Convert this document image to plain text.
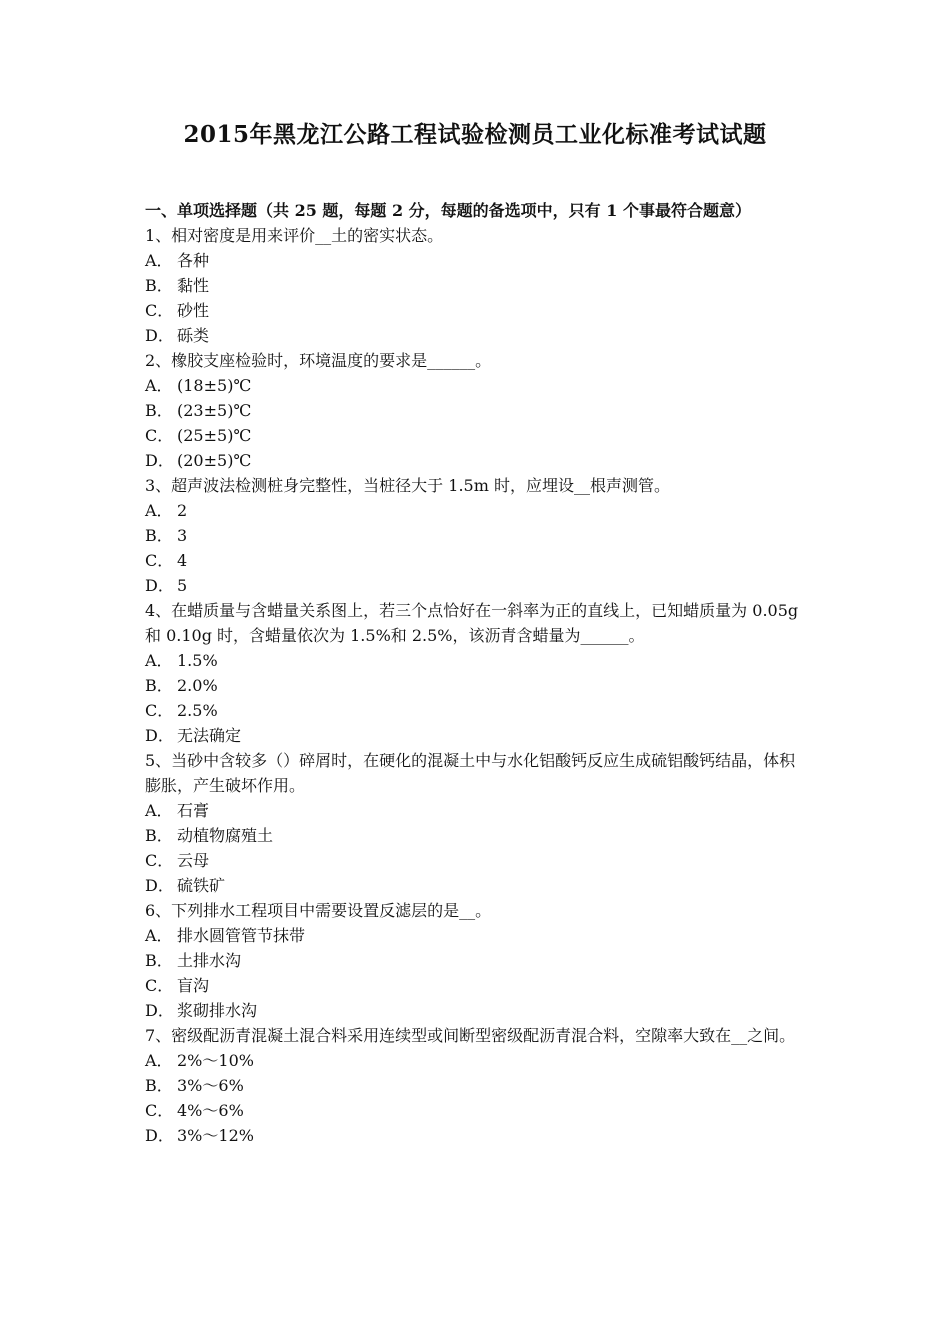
2015年黑龙江公路工程试验检测员工业化标准考试试题

一、单项选择题（共 25 题，每题 2 分，每题的备选项中，只有 1 个事最符合题意）

1、相对密度是用来评价__土的密实状态。

A． 各种

B． 黏性

C． 砂性

D． 砾类

2、橡胶支座检验时，环境温度的要求是______。

A． (18±5)℃

B． (23±5)℃

C． (25±5)℃

D． (20±5)℃

3、超声波法检测桩身完整性，当桩径大于 1.5m 时，应埋设__根声测管。

A． 2

B． 3

C． 4

D． 5

4、在蜡质量与含蜡量关系图上，若三个点恰好在一斜率为正的直线上，已知蜡质量为 0.05g 和 0.10g 时，含蜡量依次为 1.5%和 2.5%，该沥青含蜡量为______。

A． 1.5%

B． 2.0%

C． 2.5%

D． 无法确定

5、当砂中含较多（）碎屑时，在硬化的混凝土中与水化铝酸钙反应生成硫铝酸钙结晶，体积膨胀，产生破坏作用。

A． 石膏

B． 动植物腐殖土

C． 云母

D． 硫铁矿

6、下列排水工程项目中需要设置反滤层的是__。

A． 排水圆管管节抹带

B． 土排水沟

C． 盲沟

D． 浆砌排水沟

7、密级配沥青混凝土混合料采用连续型或间断型密级配沥青混合料，空隙率大致在__之间。

A． 2%～10%

B． 3%～6%

C． 4%～6%

D． 3%～12%
